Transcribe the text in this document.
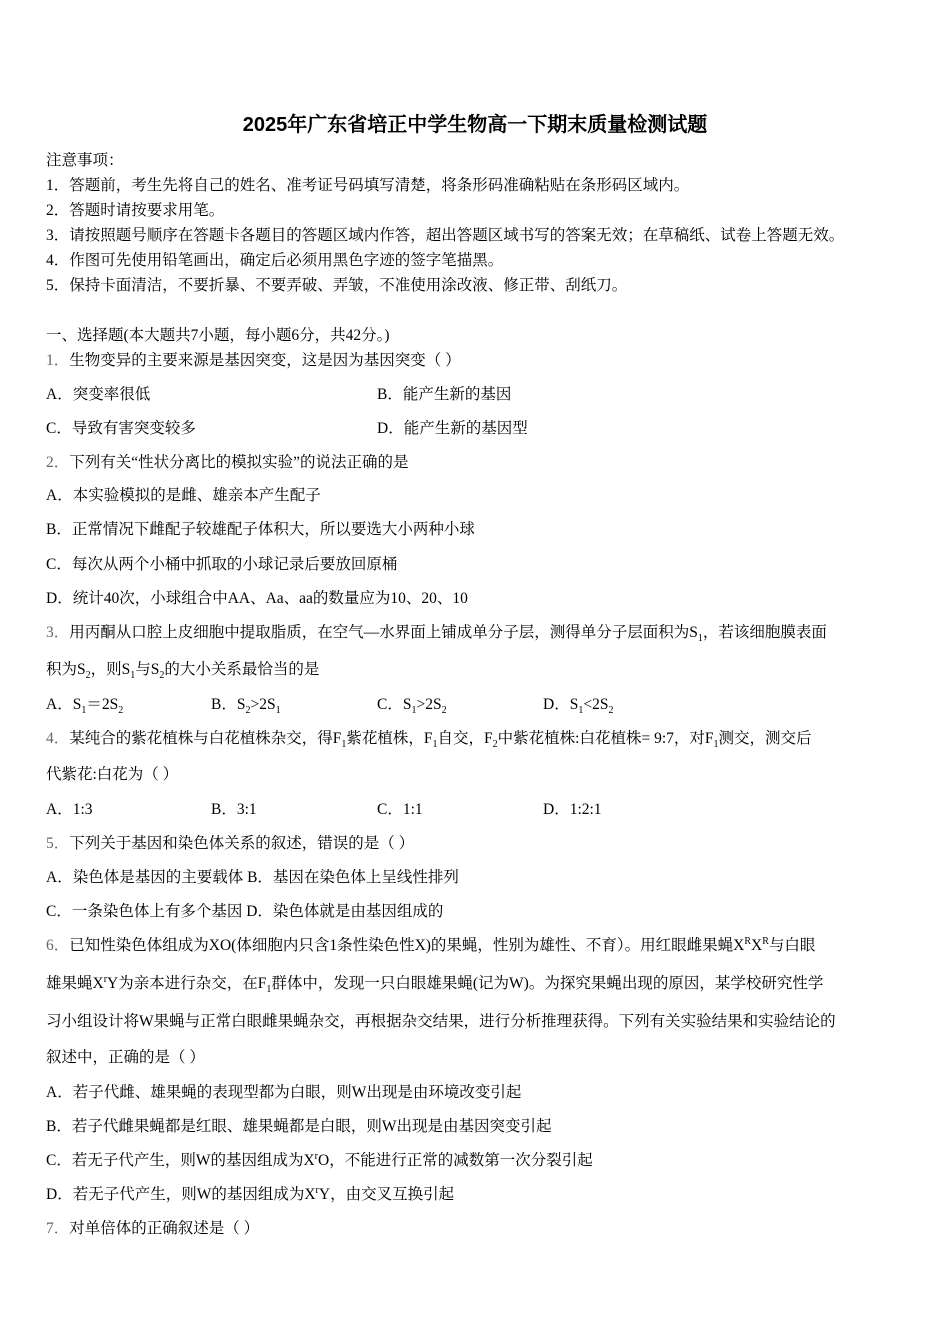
2025年广东省培正中学生物高一下期末质量检测试题
注意事项：
1．答题前，考生先将自己的姓名、准考证号码填写清楚，将条形码准确粘贴在条形码区域内。
2．答题时请按要求用笔。
3．请按照题号顺序在答题卡各题目的答题区域内作答，超出答题区域书写的答案无效；在草稿纸、试卷上答题无效。
4．作图可先使用铅笔画出，确定后必须用黑色字迹的签字笔描黑。
5．保持卡面清洁，不要折暴、不要弄破、弄皱，不准使用涂改液、修正带、刮纸刀。
一、选择题(本大题共7小题，每小题6分，共42分。)
1．生物变异的主要来源是基因突变，这是因为基因突变（ ）
A．突变率很低	B．能产生新的基因
C．导致有害突变较多	D．能产生新的基因型
2．下列有关“性状分离比的模拟实验”的说法正确的是
A．本实验模拟的是雌、雄亲本产生配子
B．正常情况下雌配子较雄配子体积大，所以要选大小两种小球
C．每次从两个小桶中抓取的小球记录后要放回原桶
D．统计40次，小球组合中AA、Aa、aa的数量应为10、20、10
3．用丙酮从口腔上皮细胞中提取脂质，在空气—水界面上铺成单分子层，测得单分子层面积为$S_1$，若该细胞膜表面
积为$S_2$，则$S_1$与$S_2$的大小关系最恰当的是
A．$S_1=2S_2$	B．$S_2>2S_1$	C．$S_1>2S_2$	D．$S_1<2S_2$
4．某纯合的紫花植株与白花植株杂交，得$F_1$紫花植株，$F_1$自交，$F_2$中紫花植株:白花植株= 9:7，对$F_1$测交，测交后
代紫花:白花为（ ）
A．1:3	B．3:1	C．1:1	D．1:2:1
5．下列关于基因和染色体关系的叙述，错误的是（ ）
A．染色体是基因的主要载体 B．基因在染色体上呈线性排列
C．一条染色体上有多个基因 D．染色体就是由基因组成的
6．已知性染色体组成为XO(体细胞内只含1条性染色性X)的果蝇，性别为雄性、不育）。用红眼雌果蝇$X^RX^R$与白眼
雄果蝇$X^rY$为亲本进行杂交，在$F_1$群体中，发现一只白眼雄果蝇(记为W)。为探究果蝇出现的原因，某学校研究性学
习小组设计将W果蝇与正常白眼雌果蝇杂交，再根据杂交结果，进行分析推理获得。下列有关实验结果和实验结论的
叙述中，正确的是（ ）
A．若子代雌、雄果蝇的表现型都为白眼，则W出现是由环境改变引起
B．若子代雌果蝇都是红眼、雄果蝇都是白眼，则W出现是由基因突变引起
C．若无子代产生，则W的基因组成为$X^rO$，不能进行正常的减数第一次分裂引起
D．若无子代产生，则W的基因组成为$X^rY$，由交叉互换引起
7．对单倍体的正确叙述是（ ）
